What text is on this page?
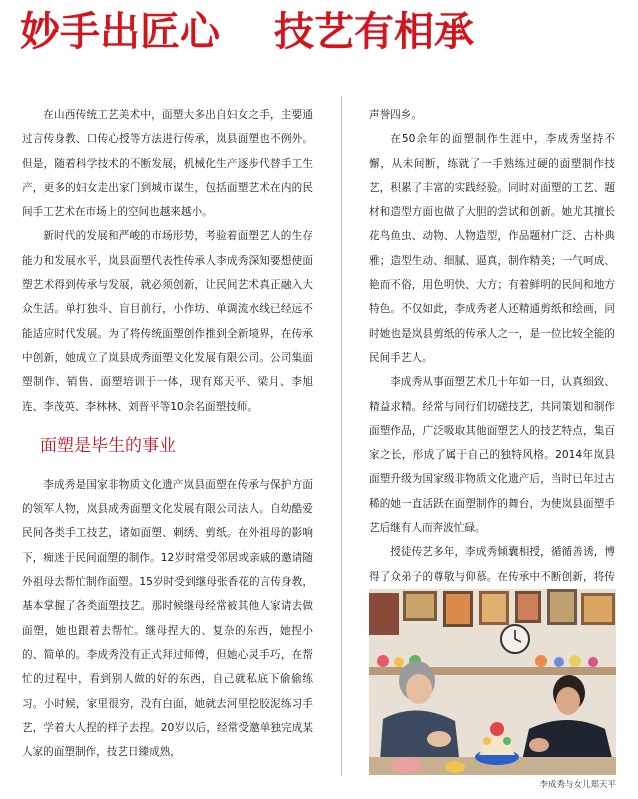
妙手出匠心 技艺有相承

在山西传统工艺美术中，面塑大多出自妇女之手，主要通过言传身教、口传心授等方法进行传承，岚县面塑也不例外。但是，随着科学技术的不断发展，机械化生产逐步代替手工生产，更多的妇女走出家门到城市谋生，包括面塑艺术在内的民间手工艺术在市场上的空间也越来越小。

新时代的发展和严峻的市场形势，考验着面塑艺人的生存能力和发展水平，岚县面塑代表性传承人李成秀深知要想使面塑艺术得到传承与发展，就必须创新，让民间艺术真正融入大众生活。单打独斗、盲目前行，小作坊、单调流水线已经远不能适应时代发展。为了将传统面塑创作推到全新境界，在传承中创新，她成立了岚县成秀面塑文化发展有限公司。公司集面塑制作、销售、面塑培训于一体，现有郑天平、梁月、李旭连、李茂英、李林林、刘晋平等10余名面塑技师。

面塑是毕生的事业

李成秀是国家非物质文化遗产岚县面塑在传承与保护方面的领军人物，岚县成秀面塑文化发展有限公司法人。自幼酷爱民间各类手工技艺，诸如面塑、刺绣、剪纸。在外祖母的影响下，痴迷于民间面塑的制作。12岁时常受邻居或亲戚的邀请随外祖母去帮忙制作面塑。15岁时受到继母张香花的言传身教，基本掌握了各类面塑技艺。那时候继母经常被其他人家请去做面塑，她也跟着去帮忙。继母捏大的、复杂的东西，她捏小的、简单的。李成秀没有正式拜过师傅，但她心灵手巧，在帮忙的过程中，看到别人做的好的东西，自己就私底下偷偷练习。小时候，家里很穷，没有白面，她就去河里挖胶泥练习手艺，学着大人捏的样子去捏。20岁以后，经常受邀单独完成某人家的面塑制作，技艺日臻成熟，

声誉四乡。

在50余年的面塑制作生涯中，李成秀坚持不懈，从未间断，练就了一手熟练过硬的面塑制作技艺，积累了丰富的实践经验。同时对面塑的工艺、题材和造型方面也做了大胆的尝试和创新。她尤其擅长花鸟鱼虫、动物、人物造型，作品题材广泛、古朴典雅；造型生动、细腻、逼真，制作精美；一气呵成、艳而不俗，用色明快、大方；有着鲜明的民间和地方特色。不仅如此，李成秀老人还精通剪纸和绘画，同时她也是岚县剪纸的传承人之一，是一位比较全能的民间手艺人。

李成秀从事面塑艺术几十年如一日，认真细致、精益求精。经常与同行们切磋技艺，共同策划和制作面塑作品，广泛吸取其他面塑艺人的技艺特点，集百家之长，形成了属于自己的独特风格。2014年岚县面塑升级为国家级非物质文化遗产后，当时已年过古稀的她一直活跃在面塑制作的舞台，为使岚县面塑手艺后继有人而奔波忙碌。

授徒传艺多年，李成秀倾囊相授，循循善诱，博得了众弟子的尊敬与仰慕。在传承中不断创新，将传

李成秀与女儿郑天平
